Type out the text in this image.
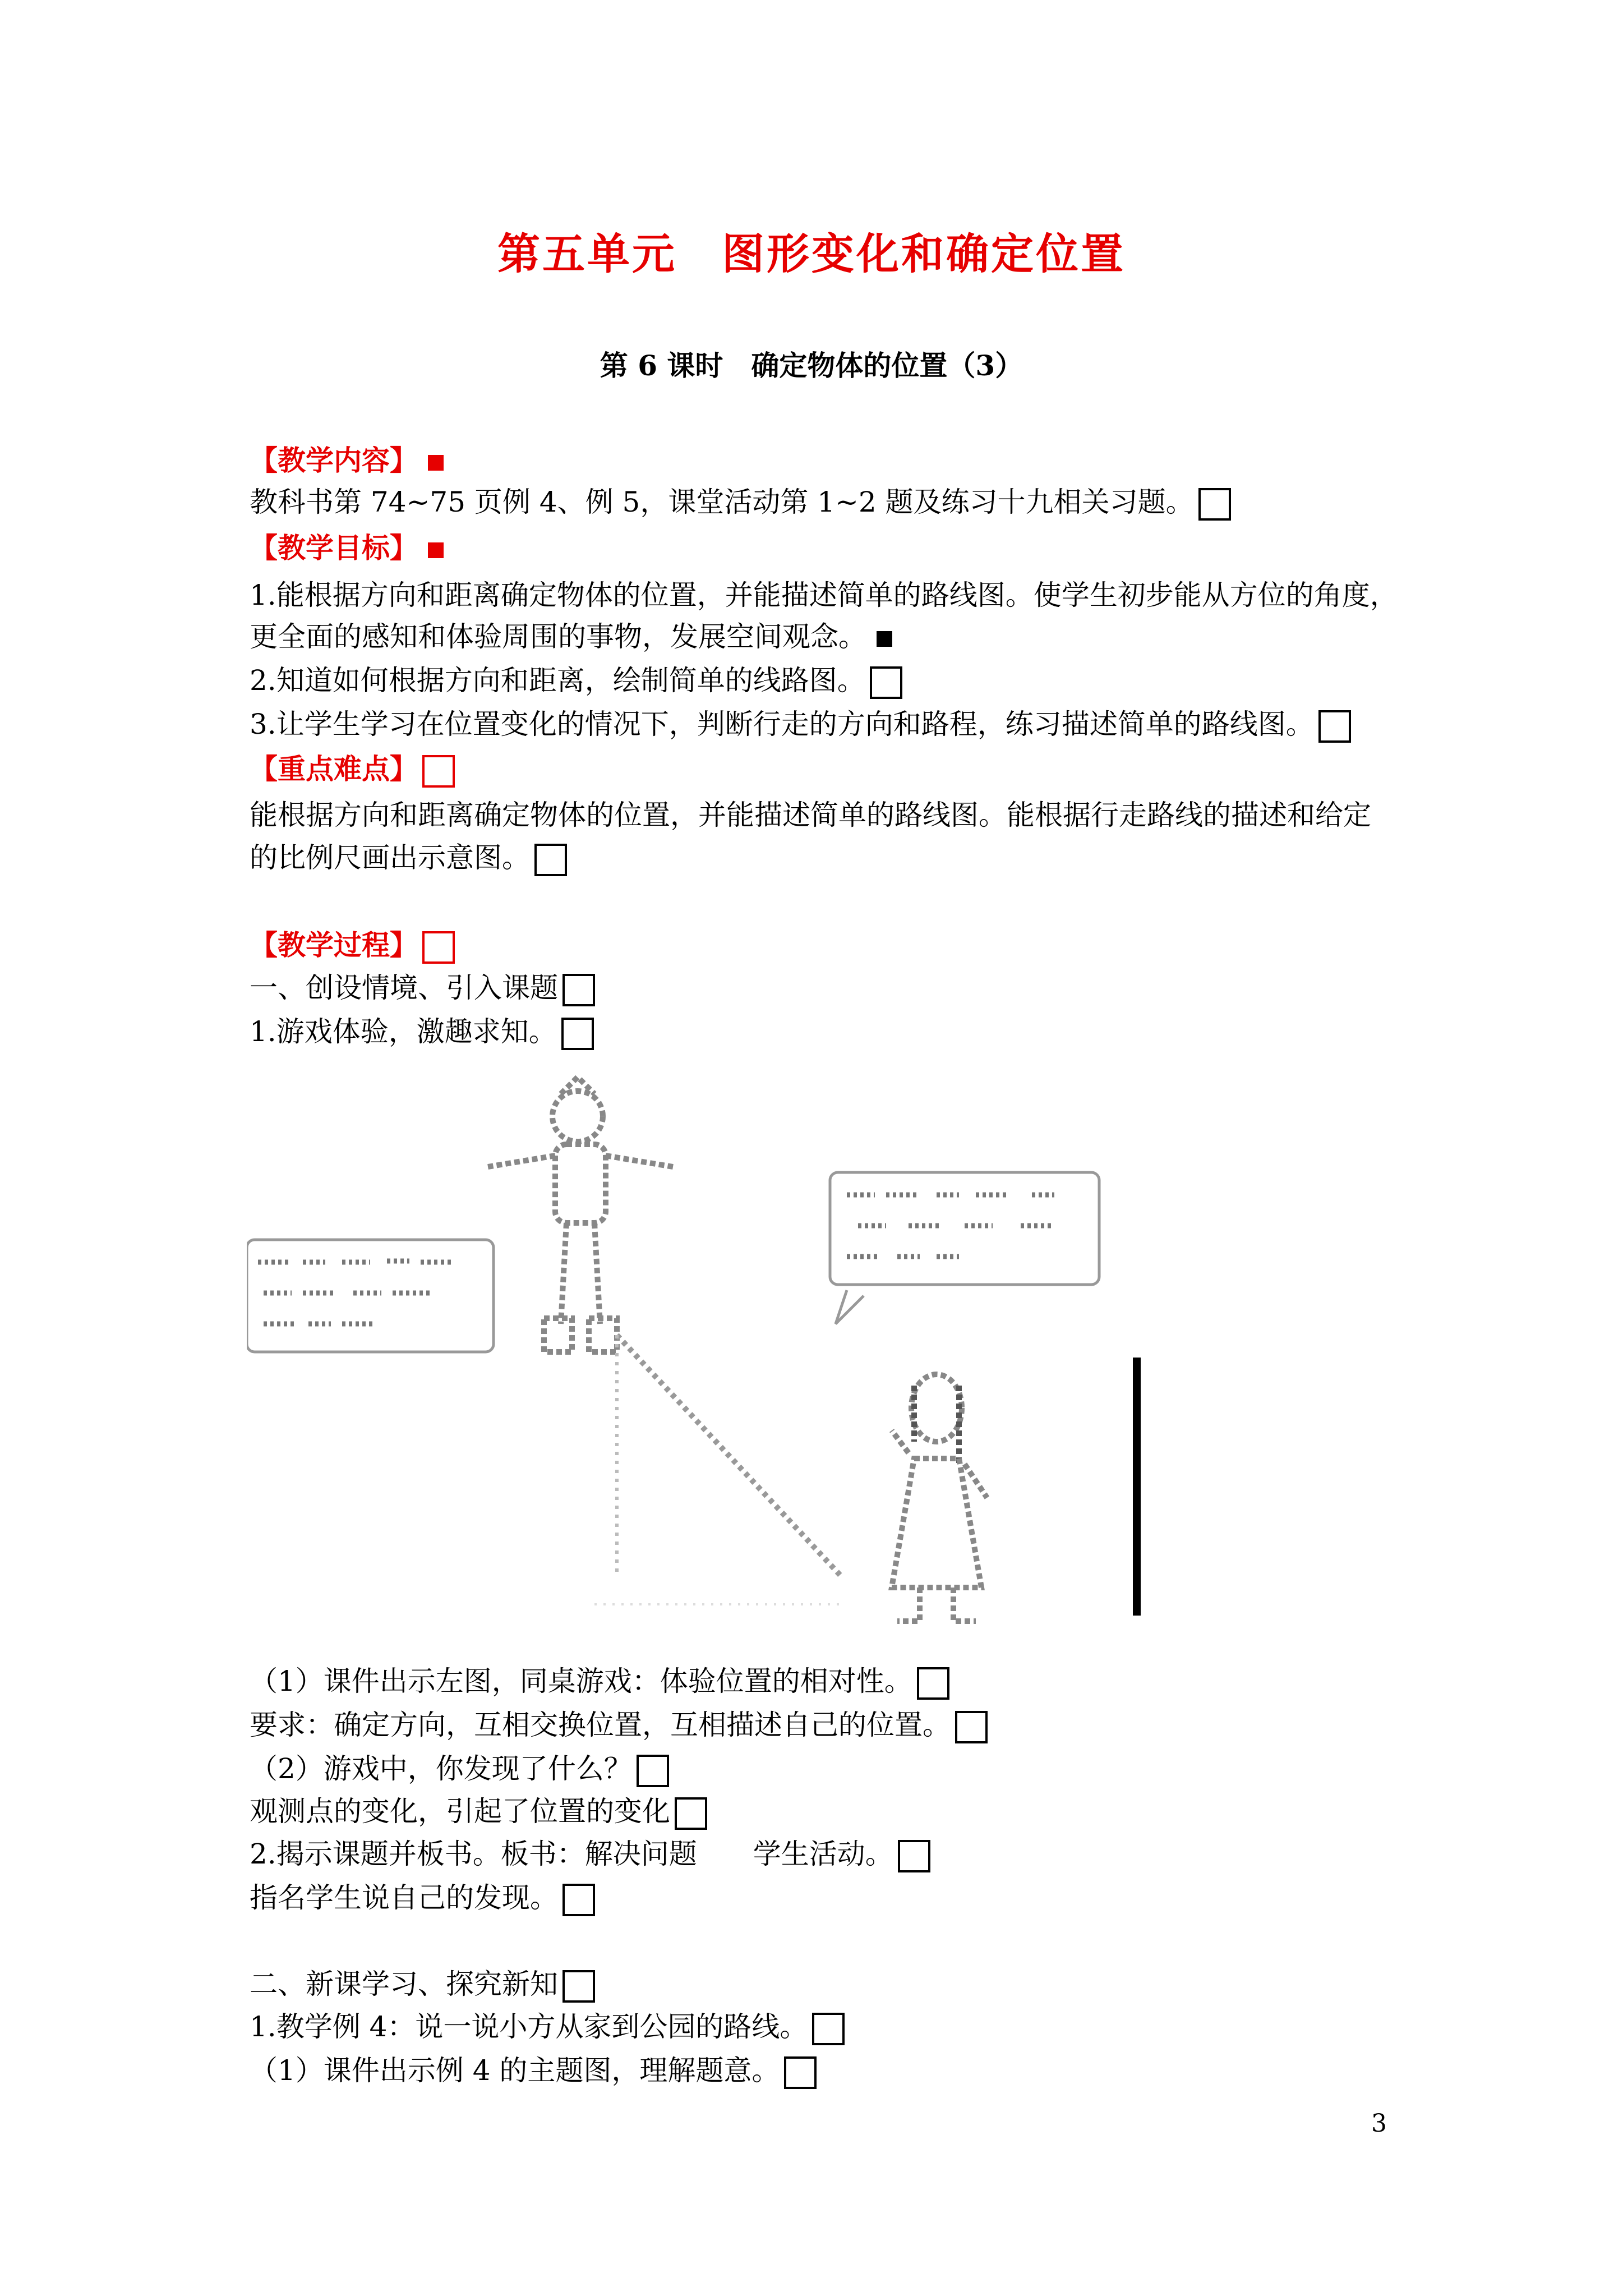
第五单元　图形变化和确定位置
第 6 课时　确定物体的位置（3）
【教学内容】
教科书第 74~75 页例 4、例 5，课堂活动第 1~2 题及练习十九相关习题。
【教学目标】
1.能根据方向和距离确定物体的位置，并能描述简单的路线图。使学生初步能从方位的角度，
更全面的感知和体验周围的事物，发展空间观念。
2.知道如何根据方向和距离，绘制简单的线路图。
3.让学生学习在位置变化的情况下，判断行走的方向和路程，练习描述简单的路线图。
【重点难点】
能根据方向和距离确定物体的位置，并能描述简单的路线图。能根据行走路线的描述和给定
的比例尺画出示意图。
【教学过程】
一、创设情境、引入课题
1.游戏体验，激趣求知。
（1）课件出示左图，同桌游戏：体验位置的相对性。
要求：确定方向，互相交换位置，互相描述自己的位置。
（2）游戏中，你发现了什么？
观测点的变化，引起了位置的变化
2.揭示课题并板书。板书：解决问题　　学生活动。
指名学生说自己的发现。
二、新课学习、探究新知
1.教学例 4：说一说小方从家到公园的路线。
（1）课件出示例 4 的主题图，理解题意。
3
